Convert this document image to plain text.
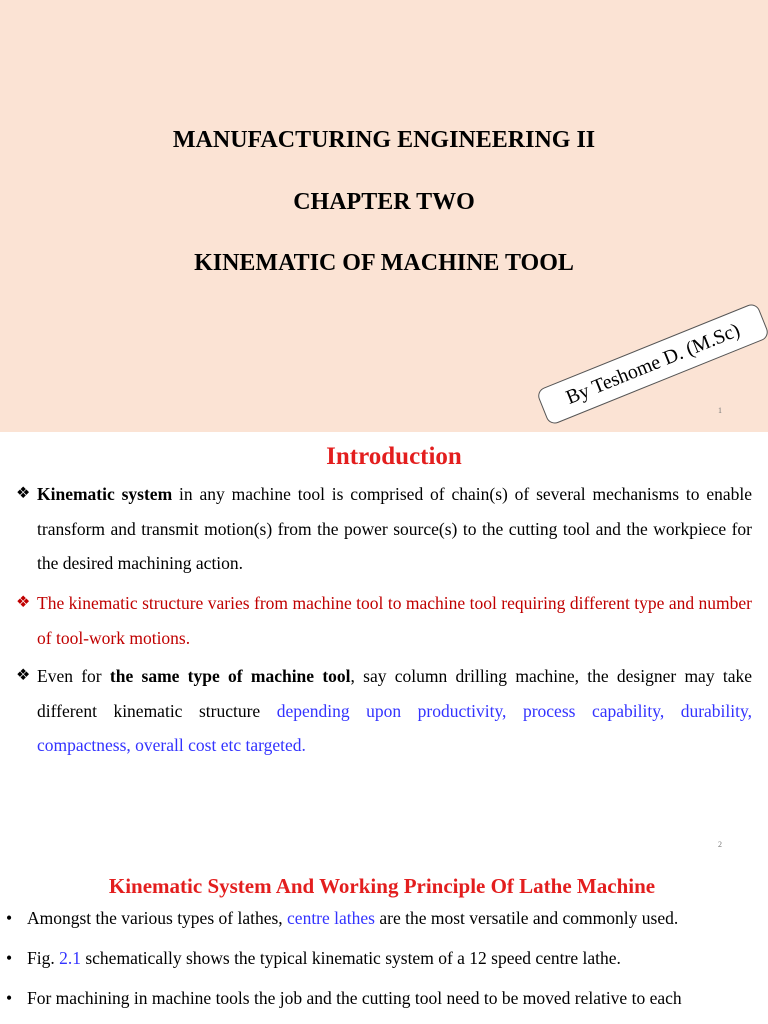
MANUFACTURING ENGINEERING II
CHAPTER TWO
KINEMATIC OF MACHINE TOOL
By Teshome D. (M.Sc)
1
Introduction
❖ Kinematic system in any machine tool is comprised of chain(s) of several mechanisms to enable transform and transmit motion(s) from the power source(s) to the cutting tool and the workpiece for the desired machining action.
❖ The kinematic structure varies from machine tool to machine tool requiring different type and number of tool-work motions.
❖ Even for the same type of machine tool, say column drilling machine, the designer may take different kinematic structure depending upon productivity, process capability, durability, compactness, overall cost etc targeted.
2
Kinematic System And Working Principle Of Lathe Machine
• Amongst the various types of lathes, centre lathes are the most versatile and commonly used.
• Fig. 2.1 schematically shows the typical kinematic system of a 12 speed centre lathe.
• For machining in machine tools the job and the cutting tool need to be moved relative to each
